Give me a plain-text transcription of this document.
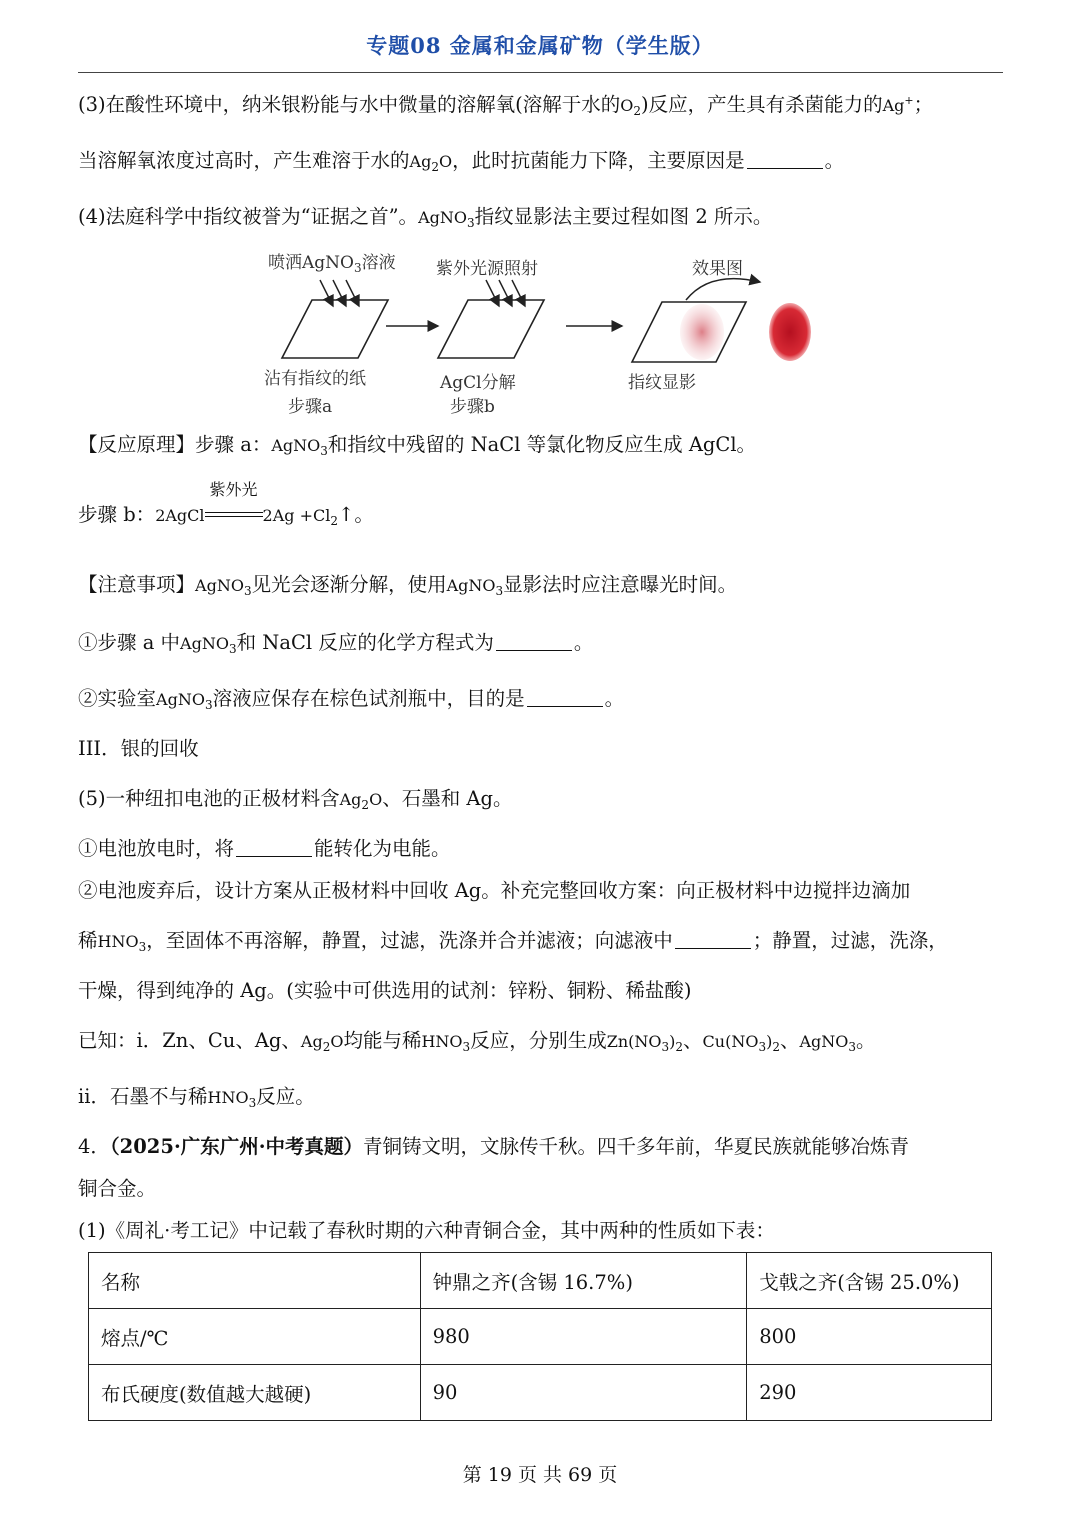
专题08 金属和金属矿物（学生版）
(3)在酸性环境中，纳米银粉能与水中微量的溶解氧(溶解于水的$O_2$)反应，产生具有杀菌能力的Ag+；
当溶解氧浓度过高时，产生难溶于水的$Ag_2O$，此时抗菌能力下降，主要原因是	。
(4)法庭科学中指纹被誉为“证据之首”。AgNO$_3$指纹显影法主要过程如图 2 所示。
喷洒AgNO$_3$溶液 紫外光源照射	效果图
沾有指纹的纸
步骤a
AgCl分解
步骤b
指纹显影
【反应原理】步骤 a：AgNO$_3$和指纹中残留的 NaCl 等氯化物反应生成 AgCl。
步骤 b：2AgCl
紫外光
$2Ag +Cl_2↑$。
【注意事项】AgNO$_3$见光会逐渐分解，使用AgNO$_3$显影法时应注意曝光时间。
①步骤 a 中AgNO$_3$和 NaCl 反应的化学方程式为	。
②实验室AgNO$_3$溶液应保存在棕色试剂瓶中，目的是	。
III．银的回收
(5)一种纽扣电池的正极材料含$Ag_2O$、石墨和 Ag。
①电池放电时，将	能转化为电能。
②电池废弃后，设计方案从正极材料中回收 Ag。补充完整回收方案：向正极材料中边搅拌边滴加
稀$HNO_3$，至固体不再溶解，静置，过滤，洗涤并合并滤液；向滤液中	；静置，过滤，洗涤，
干燥，得到纯净的 Ag。(实验中可供选用的试剂：锌粉、铜粉、稀盐酸)
已知：i．Zn、Cu、Ag、$Ag_2O$均能与稀$HNO_3$反应，分别生成$Zn(NO_3)_2$、$Cu(NO_3)_2$、AgNO$_3$。
ii．石墨不与稀$HNO_3$反应。
4．（2025·广东广州·中考真题）青铜铸文明，文脉传千秋。四千多年前，华夏民族就能够冶炼青
铜合金。
(1)《周礼·考工记》中记载了春秋时期的六种青铜合金，其中两种的性质如下表：
名称	钟鼎之齐(含锡 16.7%)	戈戟之齐(含锡 25.0%)
熔点/℃	980	800
布氏硬度(数值越大越硬)	90	290
第 19 页 共 69 页
